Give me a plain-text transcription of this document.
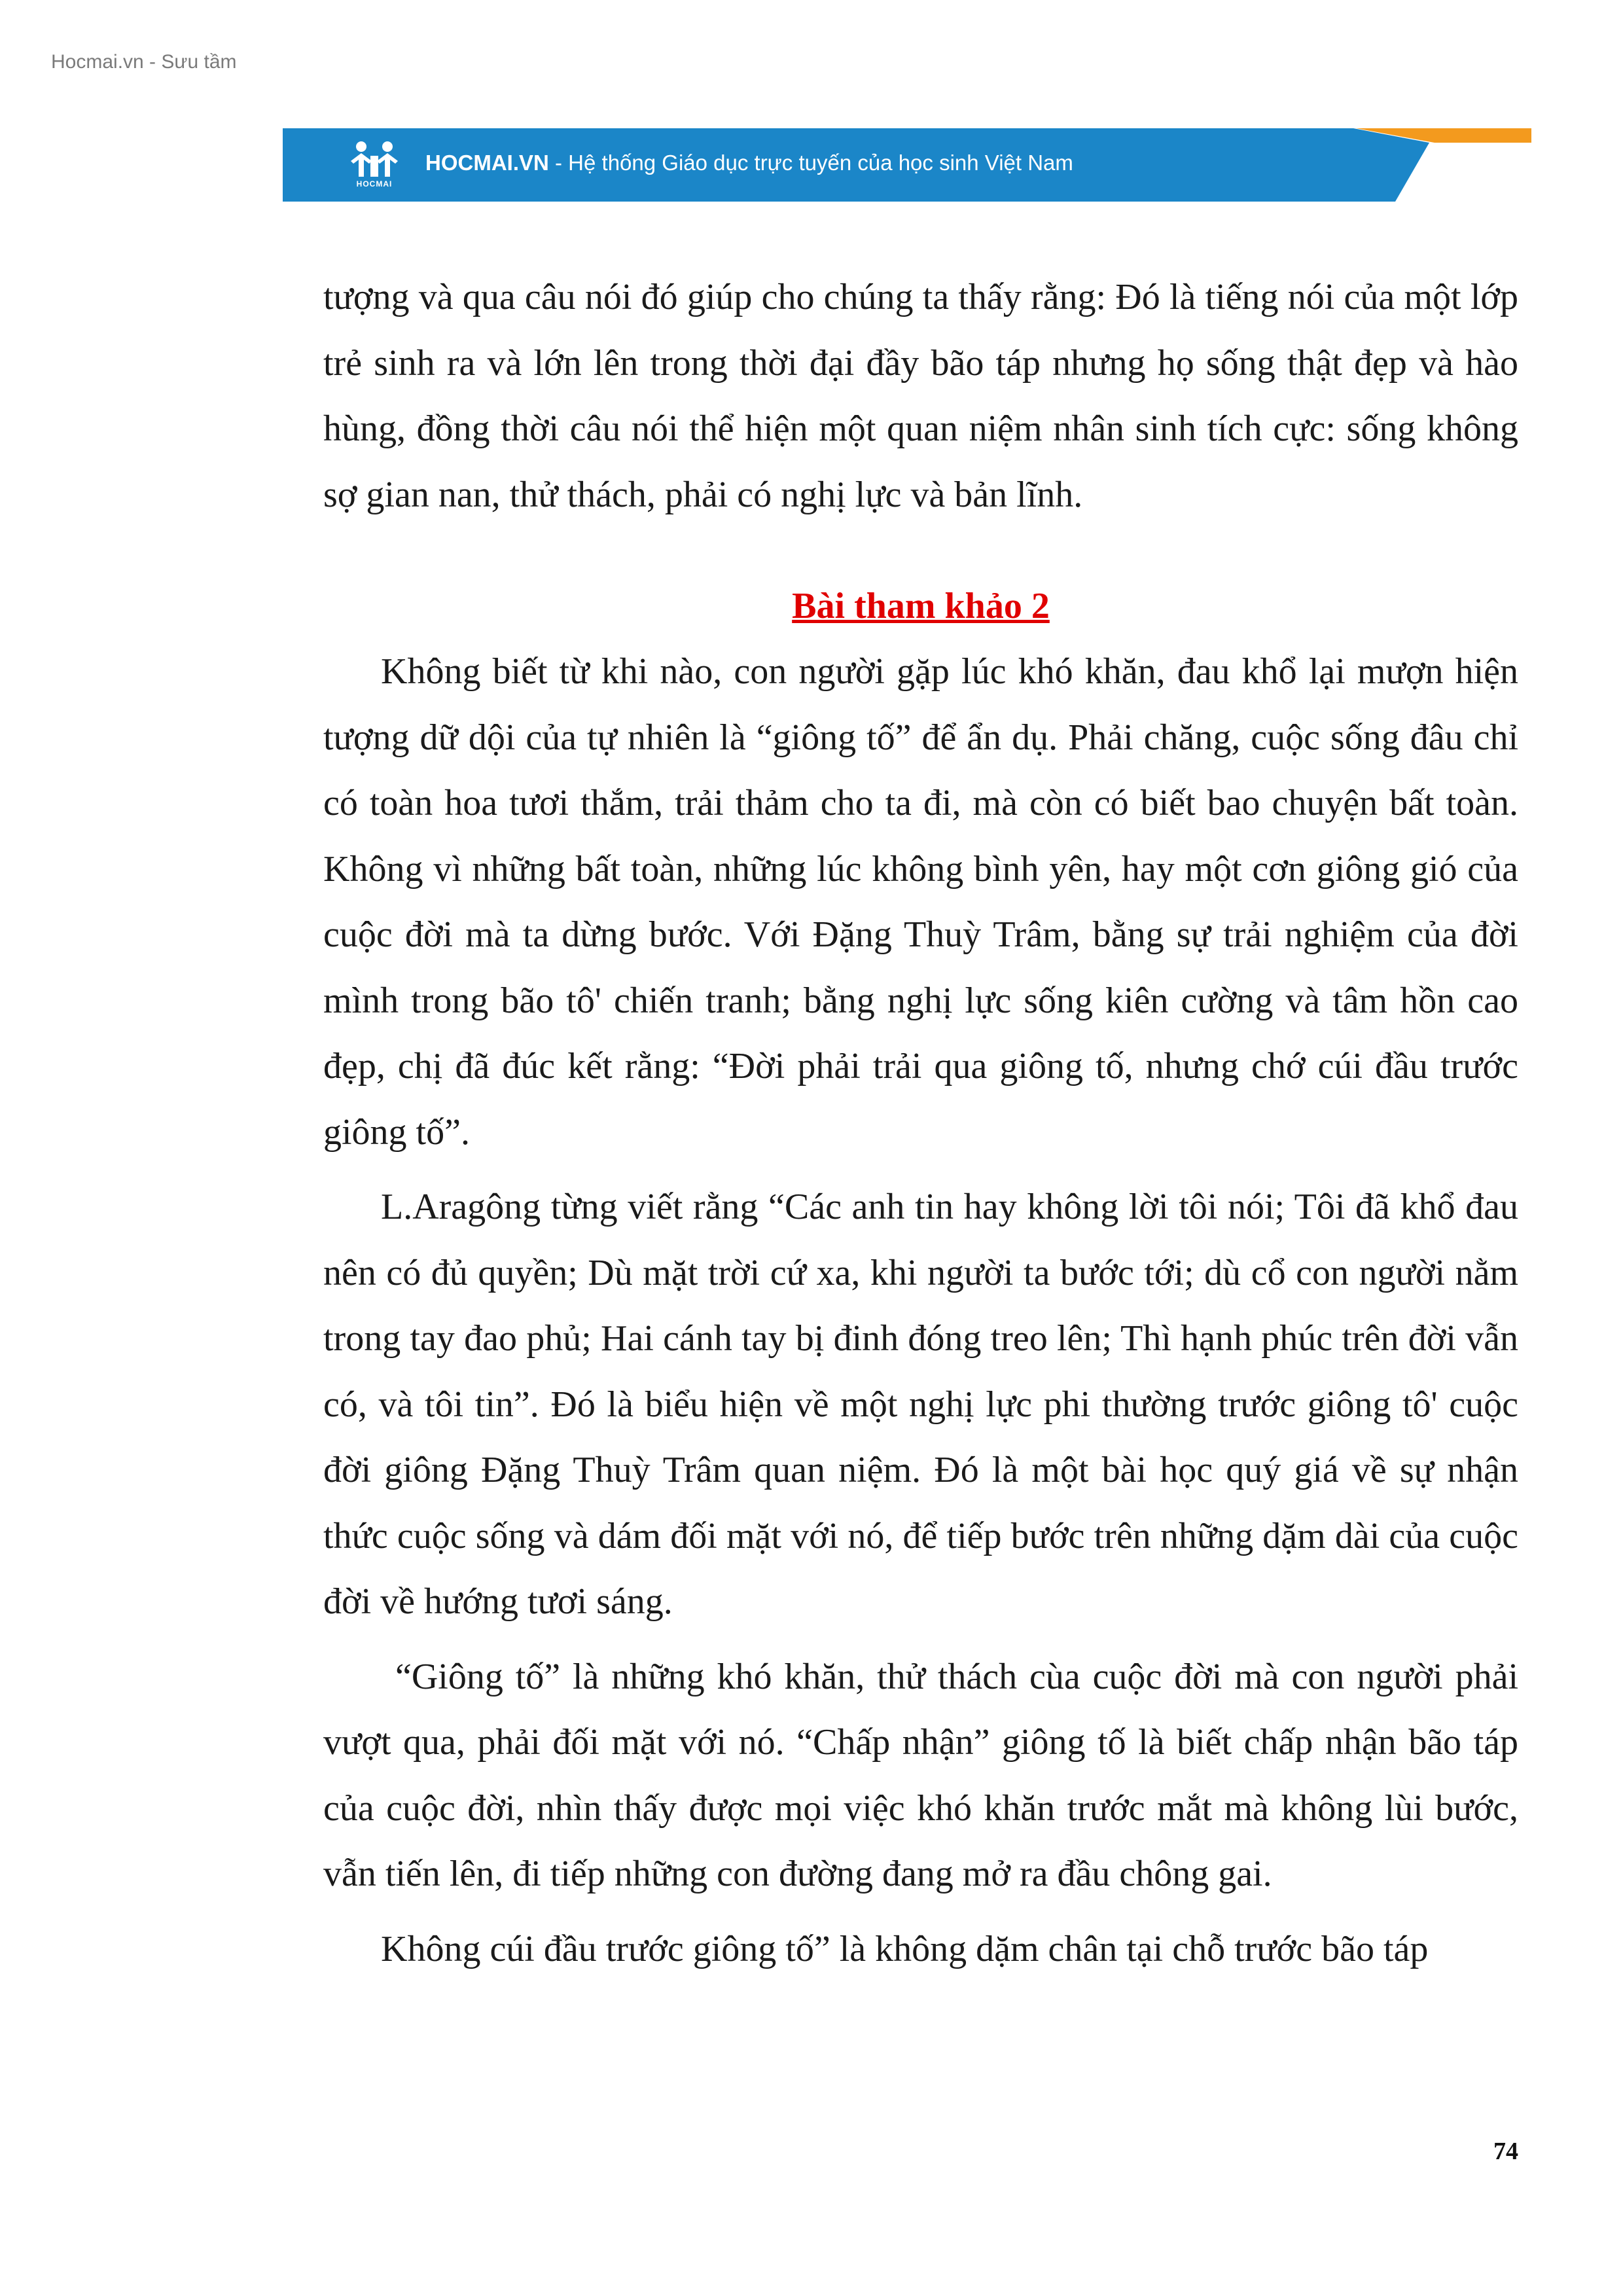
Hocmai.vn - Sưu tầm
HOCMAI
HOCMAI.VN - Hệ thống Giáo dục trực tuyến của học sinh Việt Nam

tượng và qua câu nói đó giúp cho chúng ta thấy rằng: Đó là tiếng nói của một lớp trẻ sinh ra và lớn lên trong thời đại đầy bão táp nhưng họ sống thật đẹp và hào hùng, đồng thời câu nói thể hiện một quan niệm nhân sinh tích cực: sống không sợ gian nan, thử thách, phải có nghị lực và bản lĩnh.

Bài tham khảo 2

Không biết từ khi nào, con người gặp lúc khó khăn, đau khổ lại mượn hiện tượng dữ dội của tự nhiên là “giông tố” để ẩn dụ. Phải chăng, cuộc sống đâu chỉ có toàn hoa tươi thắm, trải thảm cho ta đi, mà còn có biết bao chuyện bất toàn. Không vì những bất toàn, những lúc không bình yên, hay một cơn giông gió của cuộc đời mà ta dừng bước. Với Đặng Thuỳ Trâm, bằng sự trải nghiệm của đời mình trong bão tô' chiến tranh; bằng nghị lực sống kiên cường và tâm hồn cao đẹp, chị đã đúc kết rằng: “Đời phải trải qua giông tố, nhưng chớ cúi đầu trước giông tố”.

L.Aragông từng viết rằng “Các anh tin hay không lời tôi nói; Tôi đã khổ đau nên có đủ quyền; Dù mặt trời cứ xa, khi người ta bước tới; dù cổ con người nằm trong tay đao phủ; Hai cánh tay bị đinh đóng treo lên; Thì hạnh phúc trên đời vẫn có, và tôi tin”. Đó là biểu hiện về một nghị lực phi thường trước giông tô' cuộc đời giông Đặng Thuỳ Trâm quan niệm. Đó là một bài học quý giá về sự nhận thức cuộc sống và dám đối mặt với nó, để tiếp bước trên những dặm dài của cuộc đời về hướng tươi sáng.

“Giông tố” là những khó khăn, thử thách cùa cuộc đời mà con người phải vượt qua, phải đối mặt với nó. “Chấp nhận” giông tố là biết chấp nhận bão táp của cuộc đời, nhìn thấy được mọi việc khó khăn trước mắt mà không lùi bước, vẫn tiến lên, đi tiếp những con đường đang mở ra đầu chông gai.

Không cúi đầu trước giông tố” là không dặm chân tại chỗ trước bão táp

74
